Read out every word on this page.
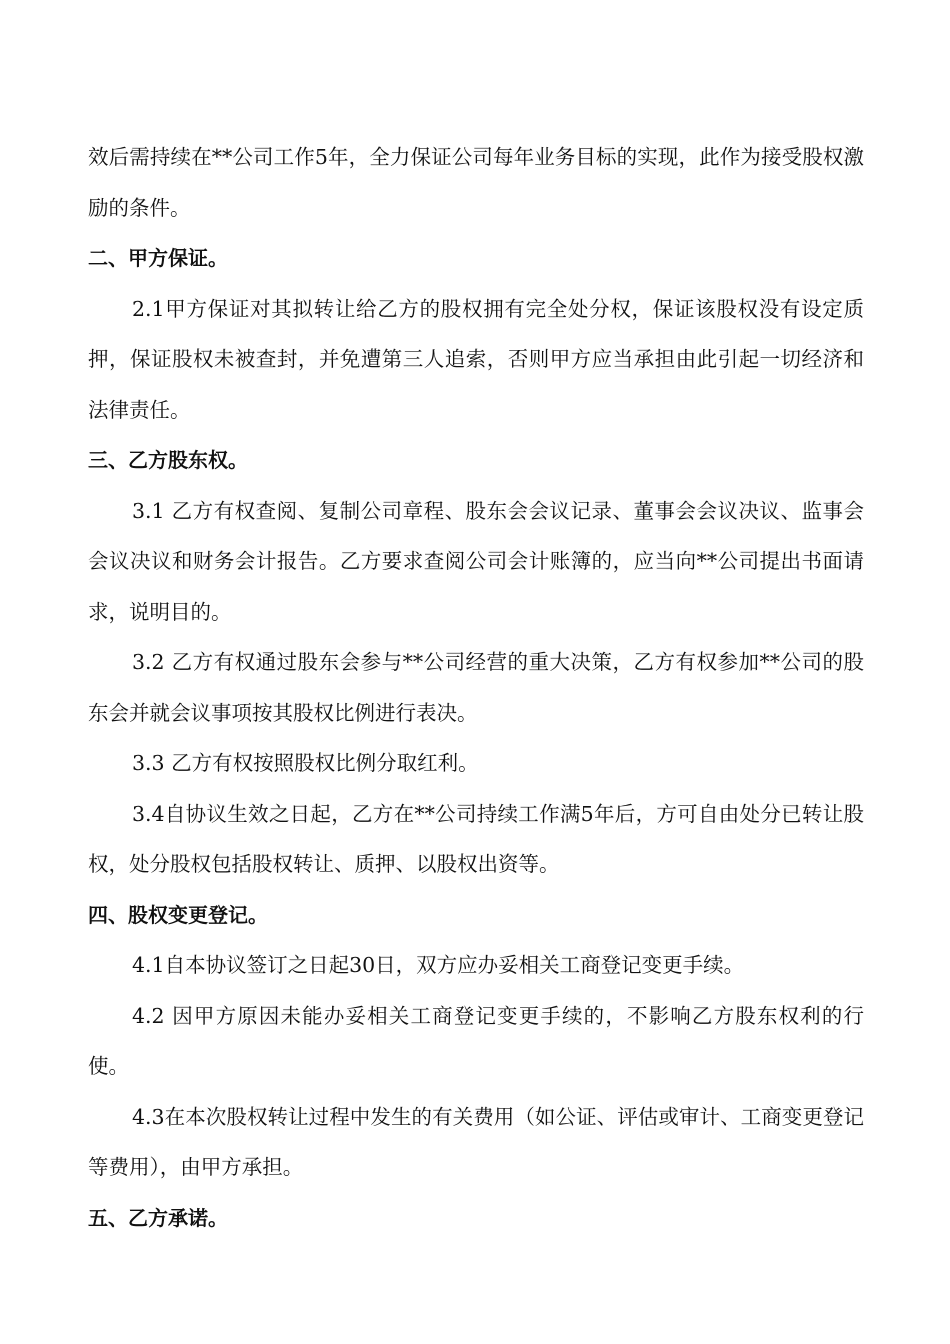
效后需持续在**公司工作5年，全力保证公司每年业务目标的实现，此作为接受股权激励的条件。

二、甲方保证。

2.1甲方保证对其拟转让给乙方的股权拥有完全处分权，保证该股权没有设定质押，保证股权未被查封，并免遭第三人追索，否则甲方应当承担由此引起一切经济和法律责任。

三、乙方股东权。

3.1 乙方有权查阅、复制公司章程、股东会会议记录、董事会会议决议、监事会会议决议和财务会计报告。乙方要求查阅公司会计账簿的，应当向**公司提出书面请求，说明目的。

3.2 乙方有权通过股东会参与**公司经营的重大决策，乙方有权参加**公司的股东会并就会议事项按其股权比例进行表决。

3.3 乙方有权按照股权比例分取红利。

3.4自协议生效之日起，乙方在**公司持续工作满5年后，方可自由处分已转让股权，处分股权包括股权转让、质押、以股权出资等。

四、股权变更登记。

4.1自本协议签订之日起30日，双方应办妥相关工商登记变更手续。

4.2 因甲方原因未能办妥相关工商登记变更手续的，不影响乙方股东权利的行使。

4.3在本次股权转让过程中发生的有关费用（如公证、评估或审计、工商变更登记等费用），由甲方承担。

五、乙方承诺。
